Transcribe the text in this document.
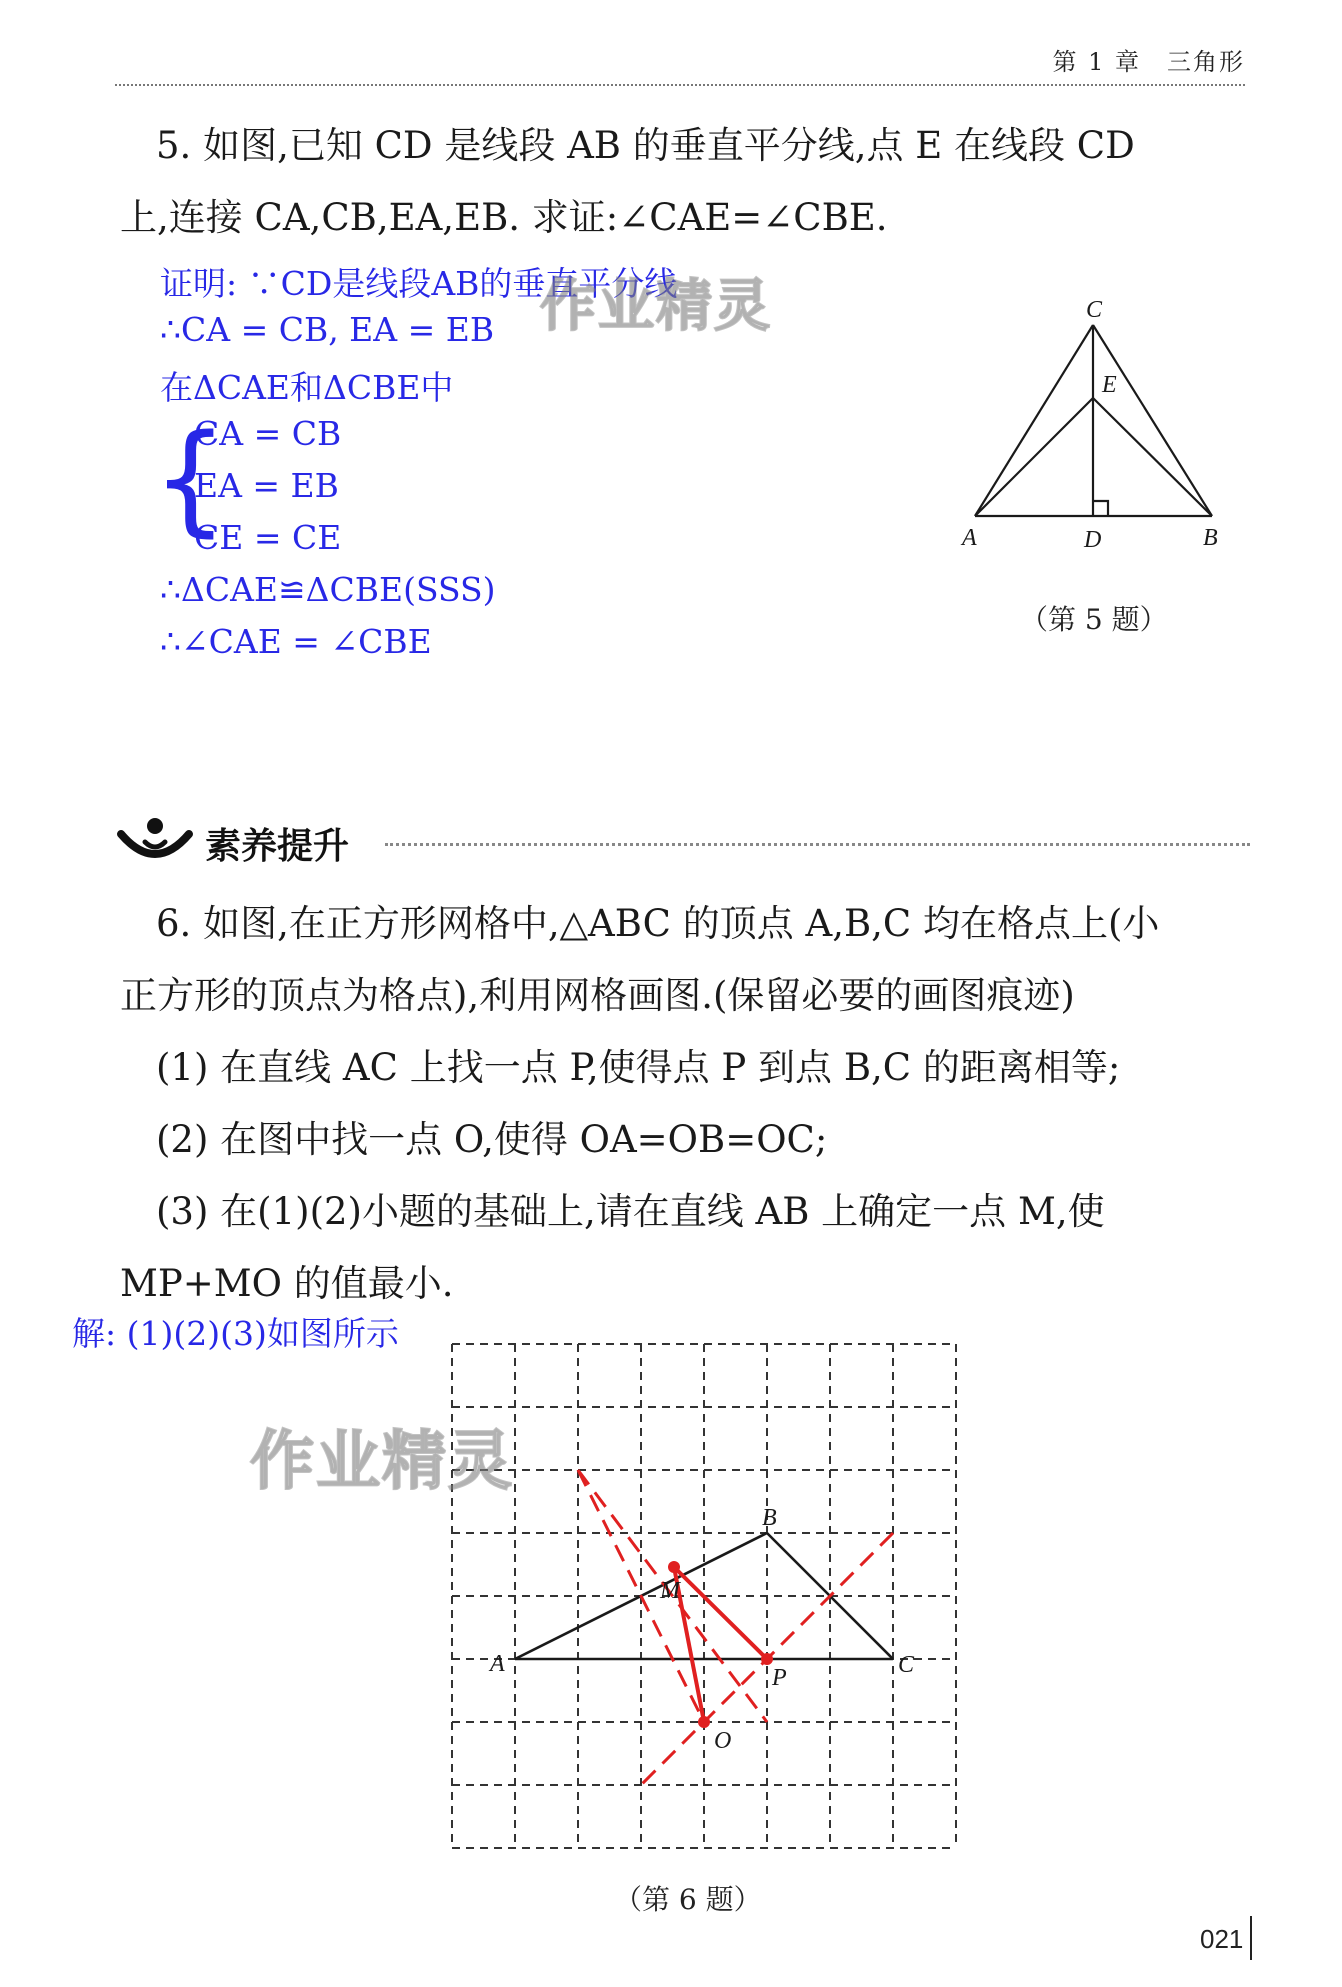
第 1 章　三角形
5. 如图,已知 CD 是线段 AB 的垂直平分线,点 E 在线段 CD
上,连接 CA,CB,EA,EB. 求证:∠CAE=∠CBE.
证明: ∵CD是线段AB的垂直平分线
∴CA = CB, EA = EB
在ΔCAE和ΔCBE中
{
CA = CB
EA = EB
CE = CE
∴ΔCAE≌ΔCBE(SSS)
∴∠CAE = ∠CBE
C
E
A	D	B
（第 5 题）
素养提升
6. 如图,在正方形网格中,△ABC 的顶点 A,B,C 均在格点上(小
正方形的顶点为格点),利用网格画图.(保留必要的画图痕迹)
(1) 在直线 AC 上找一点 P,使得点 P 到点 B,C 的距离相等;
(2) 在图中找一点 O,使得 OA=OB=OC;
(3) 在(1)(2)小题的基础上,请在直线 AB 上确定一点 M,使
MP+MO 的值最小.
解: (1)(2)(3)如图所示
A
B
C
M
P
O
（第 6 题）
作业精灵
作业精灵
021
